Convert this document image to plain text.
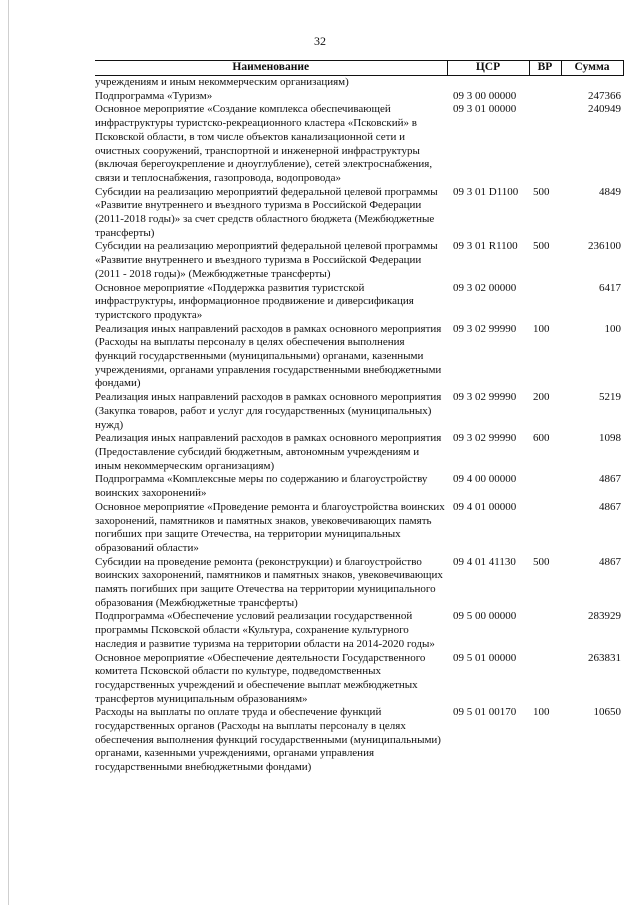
32
Наименование	ЦСР	ВР	Сумма
учреждениям и иным некоммерческим организациям)			
Подпрограмма «Туризм»	09 3 00 00000		247366
Основное мероприятие «Создание комплекса обеспечивающей инфраструктуры туристско-рекреационного кластера «Псковский» в Псковской области, в том числе объектов канализационной сети и очистных сооружений, транспортной и инженерной инфраструктуры (включая берегоукрепление и дноуглубление), сетей электроснабжения, связи и теплоснабжения, газопровода, водопровода»	09 3 01 00000		240949
Субсидии на реализацию мероприятий федеральной целевой программы «Развитие внутреннего и въездного туризма в Российской Федерации (2011-2018 годы)» за счет средств областного бюджета (Межбюджетные трансферты)	09 3 01 D1100	500	4849
Субсидии на реализацию мероприятий федеральной целевой программы «Развитие внутреннего и въездного туризма в Российской Федерации (2011 - 2018 годы)» (Межбюджетные трансферты)	09 3 01 R1100	500	236100
Основное мероприятие «Поддержка развития туристской инфраструктуры, информационное продвижение и диверсификация туристского продукта»	09 3 02 00000		6417
Реализация иных направлений расходов в рамках основного мероприятия (Расходы на выплаты персоналу в целях обеспечения выполнения функций государственными (муниципальными) органами, казенными учреждениями, органами управления государственными внебюджетными фондами)	09 3 02 99990	100	100
Реализация иных направлений расходов в рамках основного мероприятия (Закупка товаров, работ и услуг для государственных (муниципальных) нужд)	09 3 02 99990	200	5219
Реализация иных направлений расходов в рамках основного мероприятия (Предоставление субсидий бюджетным, автономным учреждениям и иным некоммерческим организациям)	09 3 02 99990	600	1098
Подпрограмма «Комплексные меры по содержанию и благоустройству воинских захоронений»	09 4 00 00000		4867
Основное мероприятие «Проведение ремонта и благоустройства воинских захоронений, памятников и памятных знаков, увековечивающих память погибших при защите Отечества, на территории муниципальных образований области»	09 4 01 00000		4867
Субсидии на проведение ремонта (реконструкции) и благоустройство воинских захоронений, памятников и памятных знаков, увековечивающих память погибших при защите Отечества на территории муниципального образования (Межбюджетные трансферты)	09 4 01 41130	500	4867
Подпрограмма «Обеспечение условий реализации государственной программы Псковской области «Культура, сохранение культурного наследия и развитие туризма на территории области на 2014-2020 годы»	09 5 00 00000		283929
Основное мероприятие «Обеспечение деятельности Государственного комитета Псковской области по культуре, подведомственных государственных учреждений и обеспечение выплат межбюджетных трансфертов муниципальным образованиям»	09 5 01 00000		263831
Расходы на выплаты по оплате труда и обеспечение функций государственных органов (Расходы на выплаты персоналу в целях обеспечения выполнения функций государственными (муниципальными) органами, казенными учреждениями, органами управления государственными внебюджетными фондами)	09 5 01 00170	100	10650
